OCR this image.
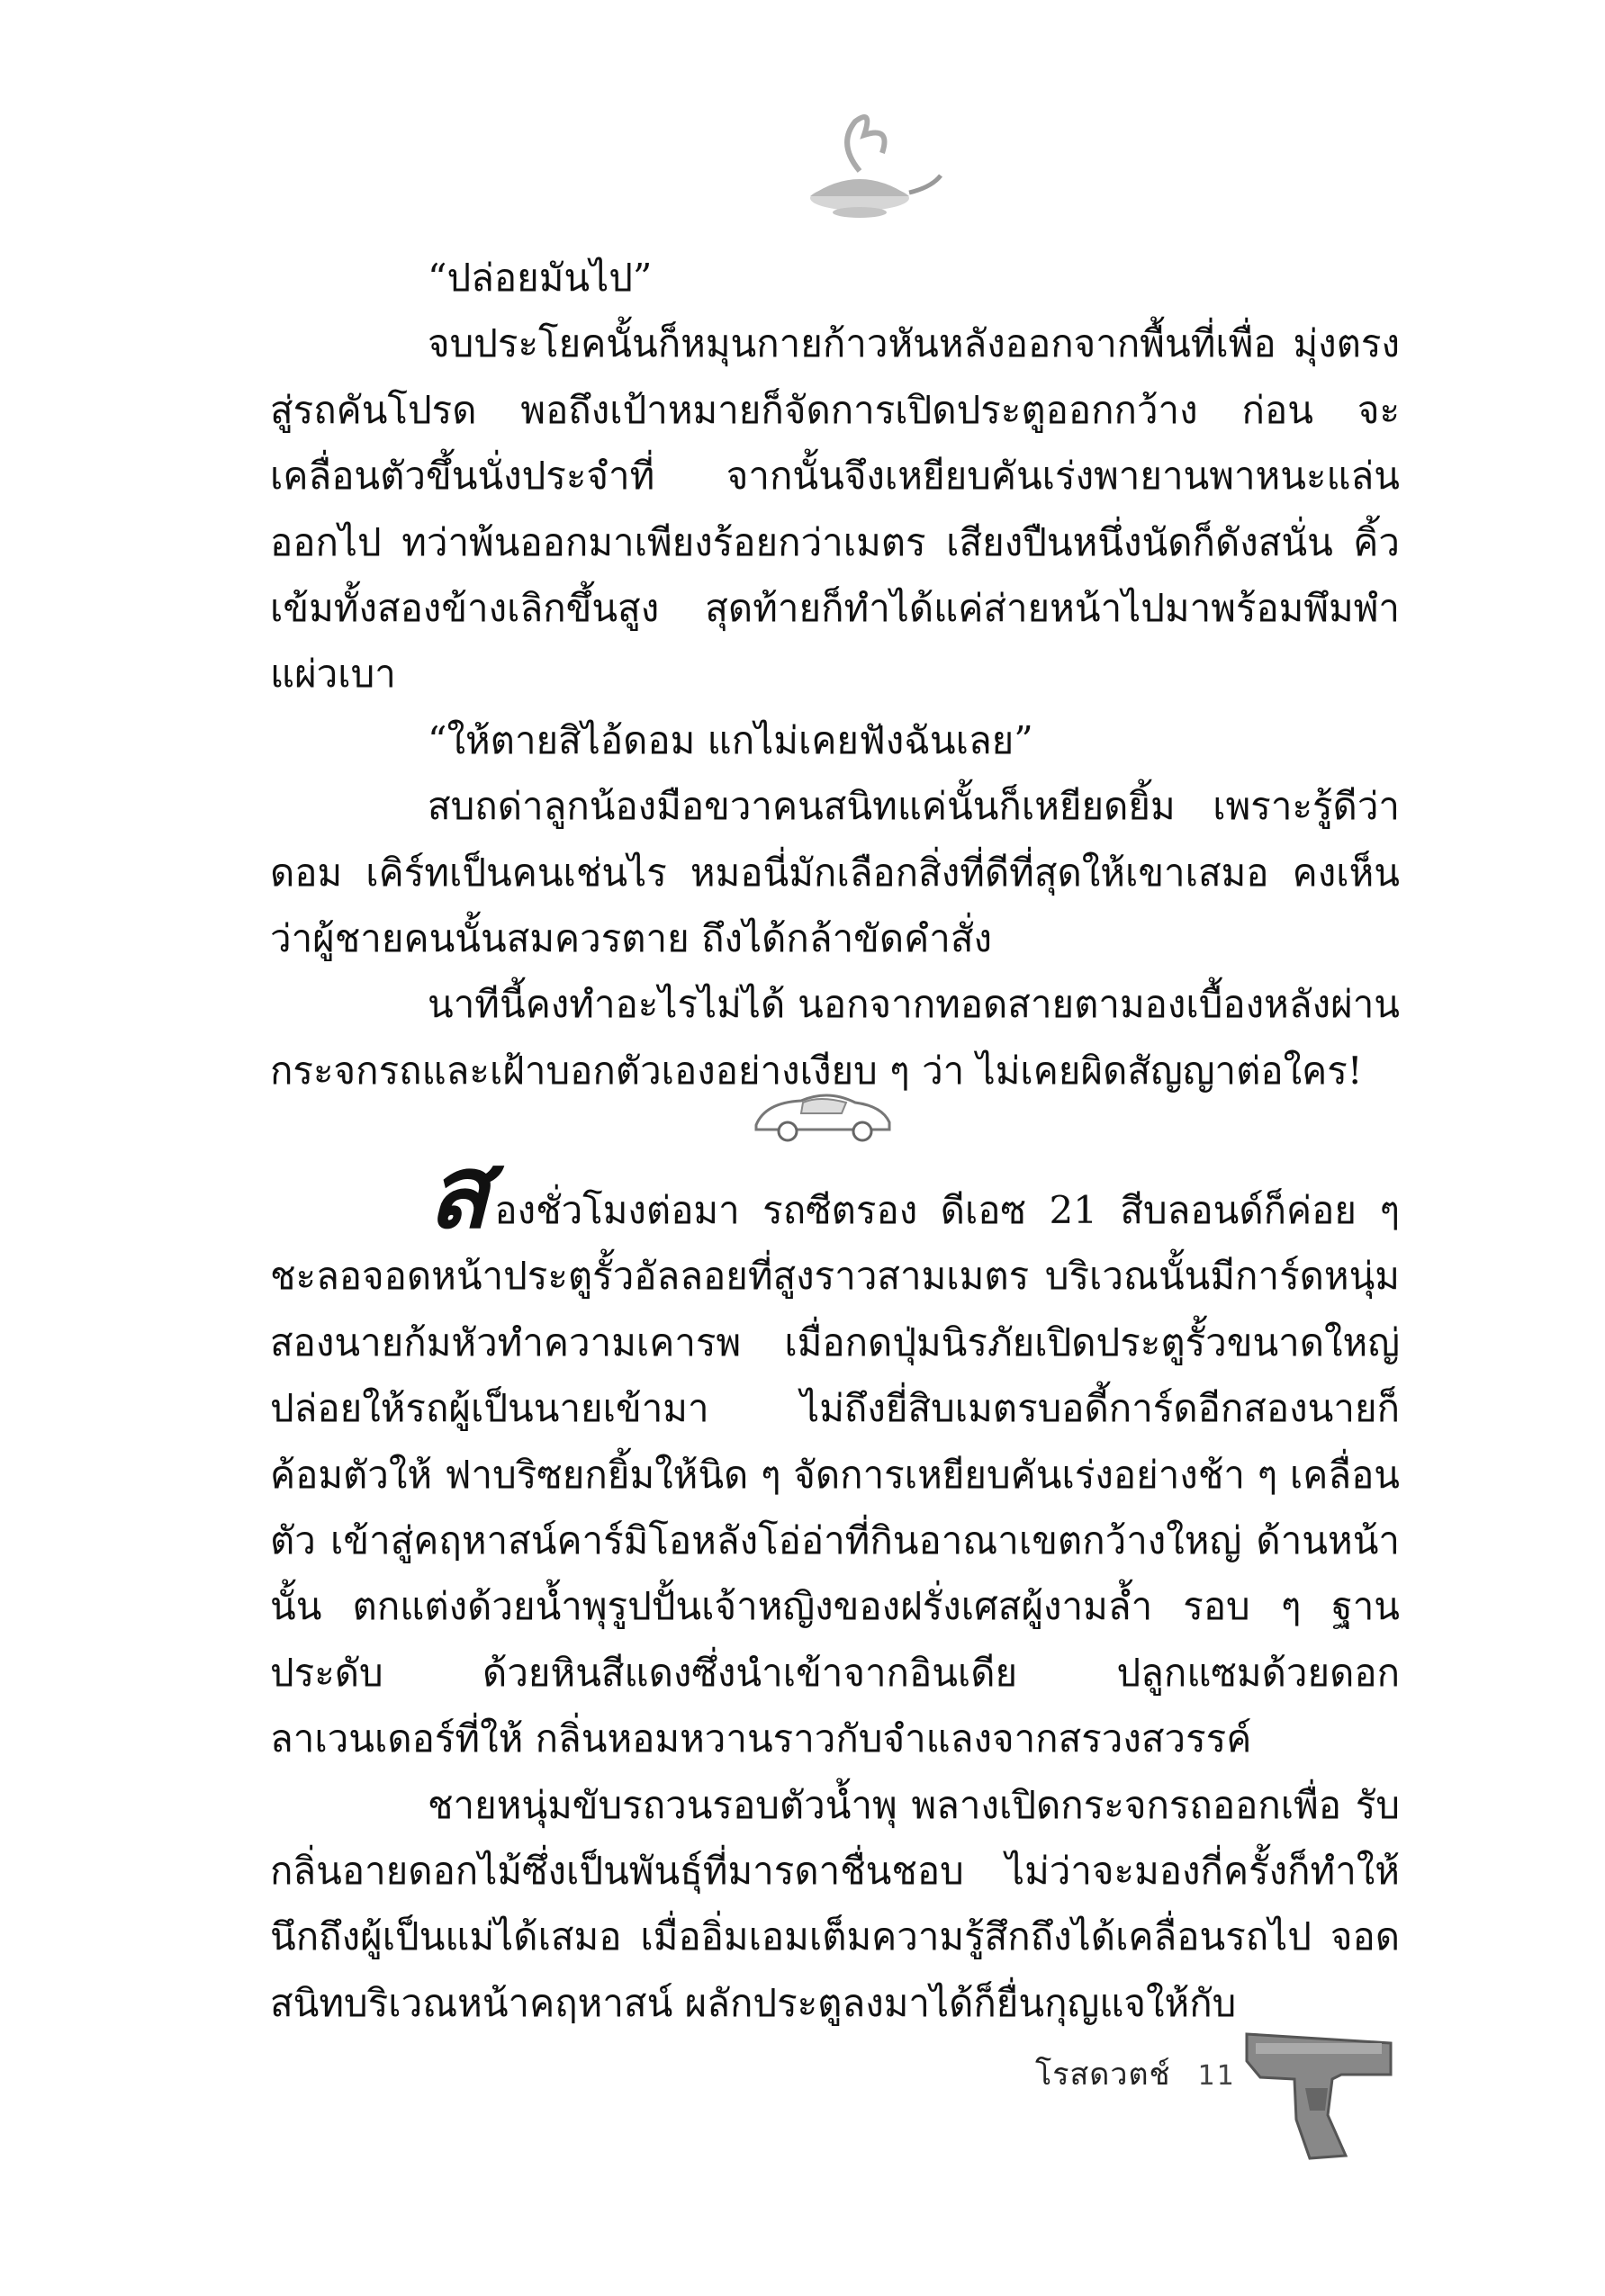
“ปล่อยมันไป”

จบประโยคนั้นก็หมุนกายก้าวหันหลังออกจากพื้นที่เพื่อ มุ่งตรงสู่รถคันโปรด พอถึงเป้าหมายก็จัดการเปิดประตูออกกว้าง ก่อน จะเคลื่อนตัวขึ้นนั่งประจำที่ จากนั้นจึงเหยียบคันเร่งพายานพาหนะแล่น ออกไป ทว่าพ้นออกมาเพียงร้อยกว่าเมตร เสียงปืนหนึ่งนัดก็ดังสนั่น คิ้วเข้มทั้งสองข้างเลิกขึ้นสูง สุดท้ายก็ทำได้แค่ส่ายหน้าไปมาพร้อมพึมพำ แผ่วเบา

“ให้ตายสิไอ้ดอม แกไม่เคยฟังฉันเลย”

สบถด่าลูกน้องมือขวาคนสนิทแค่นั้นก็เหยียดยิ้ม เพราะรู้ดีว่า ดอม เคิร์ทเป็นคนเช่นไร หมอนี่มักเลือกสิ่งที่ดีที่สุดให้เขาเสมอ คงเห็น ว่าผู้ชายคนนั้นสมควรตาย ถึงได้กล้าขัดคำสั่ง

นาทีนี้คงทำอะไรไม่ได้ นอกจากทอดสายตามองเบื้องหลังผ่าน กระจกรถและเฝ้าบอกตัวเองอย่างเงียบ ๆ ว่า ไม่เคยผิดสัญญาต่อใคร!

สองชั่วโมงต่อมา รถซีตรอง ดีเอซ 21 สีบลอนด์ก็ค่อย ๆ ชะลอจอดหน้าประตูรั้วอัลลอยที่สูงราวสามเมตร บริเวณนั้นมีการ์ดหนุ่ม สองนายก้มหัวทำความเคารพ เมื่อกดปุ่มนิรภัยเปิดประตูรั้วขนาดใหญ่ ปล่อยให้รถผู้เป็นนายเข้ามา ไม่ถึงยี่สิบเมตรบอดี้การ์ดอีกสองนายก็ ค้อมตัวให้ ฟาบริซยกยิ้มให้นิด ๆ จัดการเหยียบคันเร่งอย่างช้า ๆ เคลื่อนตัว เข้าสู่คฤหาสน์คาร์มิโอหลังโอ่อ่าที่กินอาณาเขตกว้างใหญ่ ด้านหน้านั้น ตกแต่งด้วยน้ำพุรูปปั้นเจ้าหญิงของฝรั่งเศสผู้งามล้ำ รอบ ๆ ฐานประดับ ด้วยหินสีแดงซึ่งนำเข้าจากอินเดีย ปลูกแซมด้วยดอกลาเวนเดอร์ที่ให้ กลิ่นหอมหวานราวกับจำแลงจากสรวงสวรรค์

ชายหนุ่มขับรถวนรอบตัวน้ำพุ พลางเปิดกระจกรถออกเพื่อ รับกลิ่นอายดอกไม้ซึ่งเป็นพันธุ์ที่มารดาชื่นชอบ ไม่ว่าจะมองกี่ครั้งก็ทำให้ นึกถึงผู้เป็นแม่ได้เสมอ เมื่ออิ่มเอมเต็มความรู้สึกถึงได้เคลื่อนรถไป จอดสนิทบริเวณหน้าคฤหาสน์ ผลักประตูลงมาได้ก็ยื่นกุญแจให้กับ

โรสดวตช์ 11
